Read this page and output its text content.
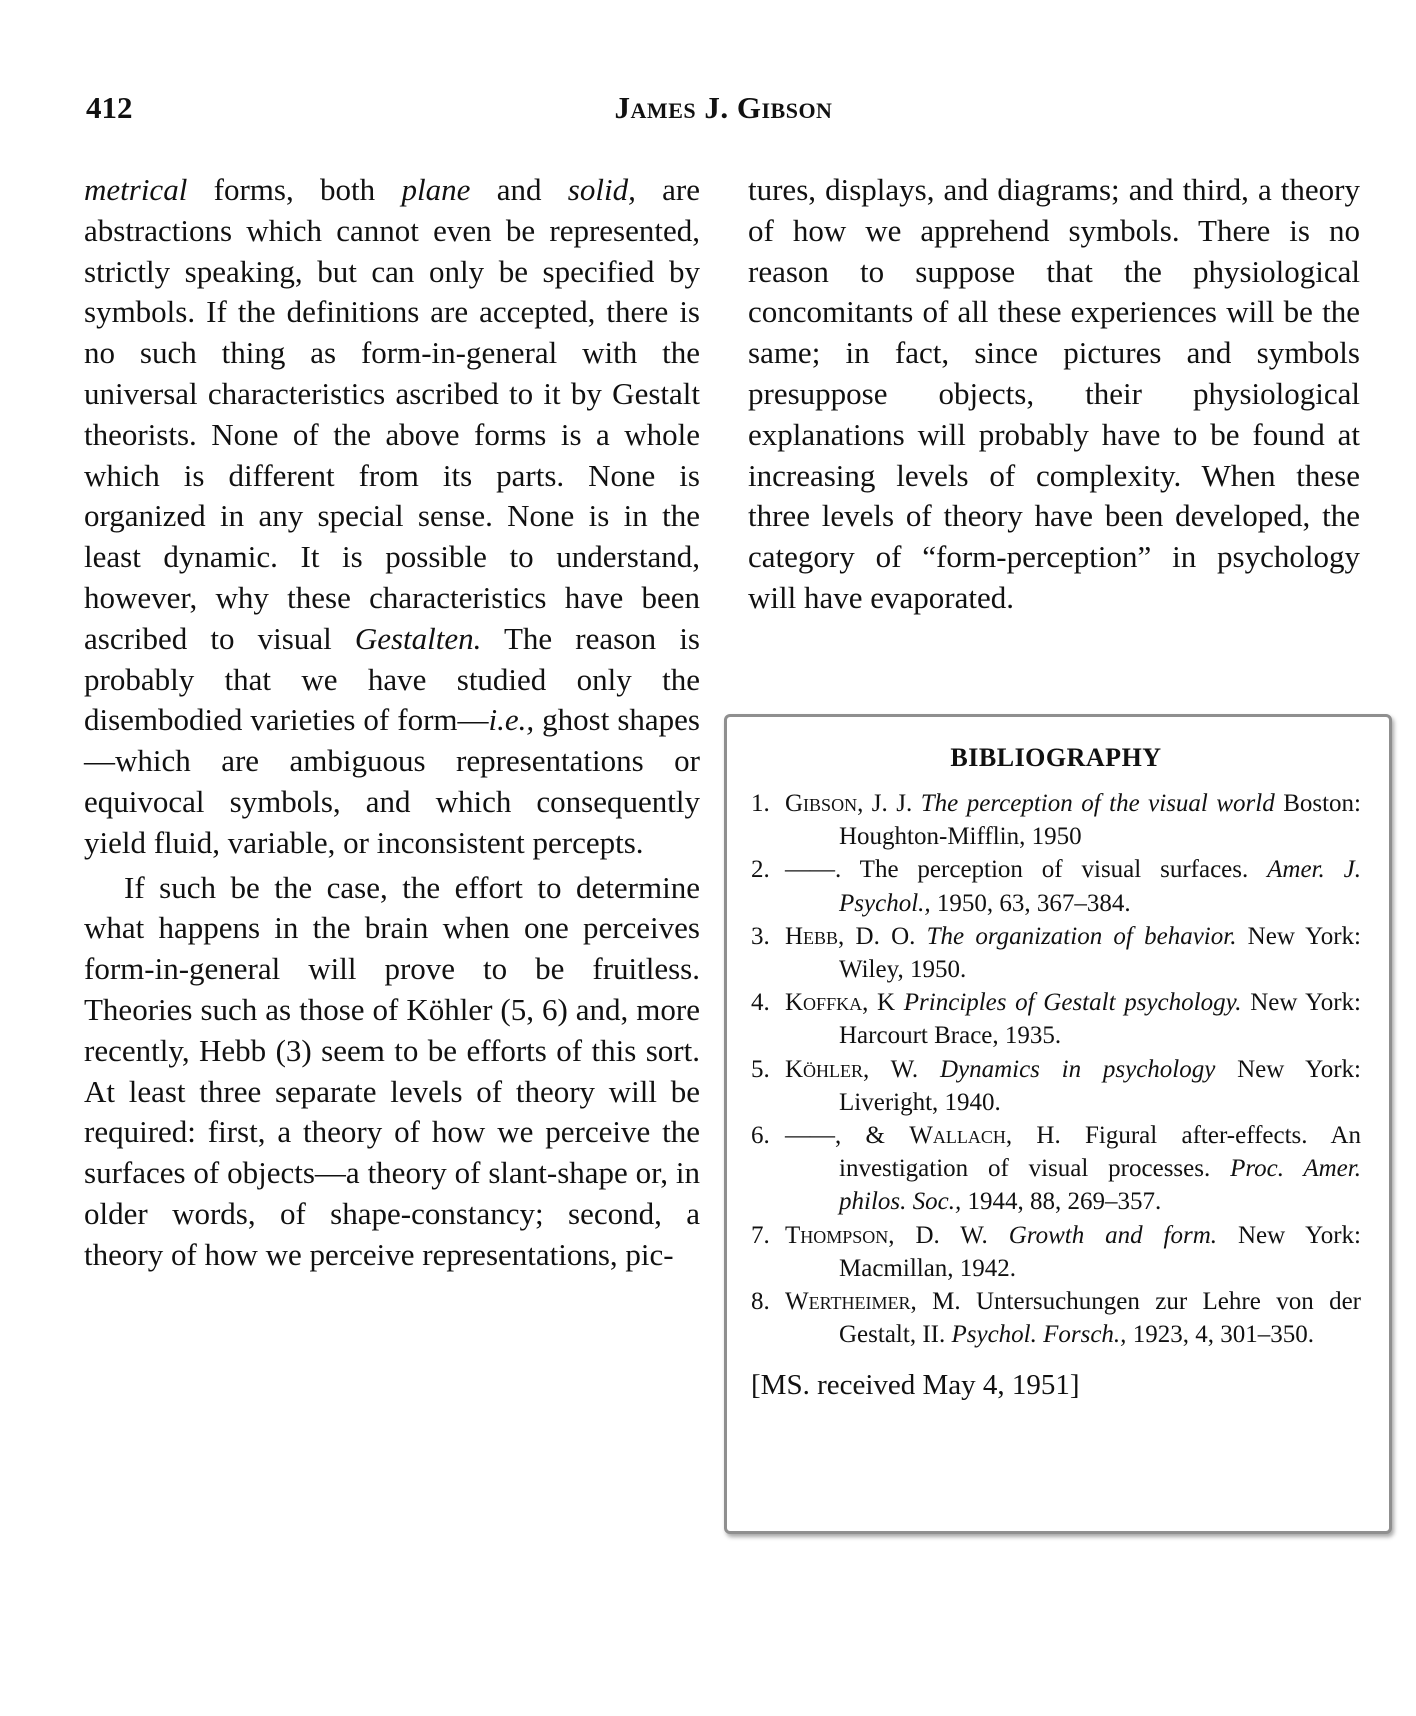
412	James J. Gibson

metrical forms, both plane and solid, are abstractions which cannot even be represented, strictly speaking, but can only be specified by symbols. If the definitions are accepted, there is no such thing as form-in-general with the universal characteristics ascribed to it by Gestalt theorists. None of the above forms is a whole which is different from its parts. None is organized in any special sense. None is in the least dynamic. It is possible to understand, however, why these characteristics have been ascribed to visual Gestalten. The reason is probably that we have studied only the disembodied varieties of form—i.e., ghost shapes—which are ambiguous representations or equivocal symbols, and which consequently yield fluid, variable, or inconsistent percepts.

If such be the case, the effort to determine what happens in the brain when one perceives form-in-general will prove to be fruitless. Theories such as those of Köhler (5, 6) and, more recently, Hebb (3) seem to be efforts of this sort. At least three separate levels of theory will be required: first, a theory of how we perceive the surfaces of objects—a theory of slant-shape or, in older words, of shape-constancy; second, a theory of how we perceive representations, pic-

tures, displays, and diagrams; and third, a theory of how we apprehend symbols. There is no reason to suppose that the physiological concomitants of all these experiences will be the same; in fact, since pictures and symbols presuppose objects, their physiological explanations will probably have to be found at increasing levels of complexity. When these three levels of theory have been developed, the category of “form-perception” in psychology will have evaporated.

BIBLIOGRAPHY
1. Gibson, J. J. The perception of the visual world Boston: Houghton-Mifflin, 1950
2. ——. The perception of visual surfaces. Amer. J. Psychol., 1950, 63, 367–384.
3. Hebb, D. O. The organization of behavior. New York: Wiley, 1950.
4. Koffka, K Principles of Gestalt psychology. New York: Harcourt Brace, 1935.
5. Köhler, W. Dynamics in psychology New York: Liveright, 1940.
6. ——, & Wallach, H. Figural after-effects. An investigation of visual processes. Proc. Amer. philos. Soc., 1944, 88, 269–357.
7. Thompson, D. W. Growth and form. New York: Macmillan, 1942.
8. Wertheimer, M. Untersuchungen zur Lehre von der Gestalt, II. Psychol. Forsch., 1923, 4, 301–350.
[MS. received May 4, 1951]
